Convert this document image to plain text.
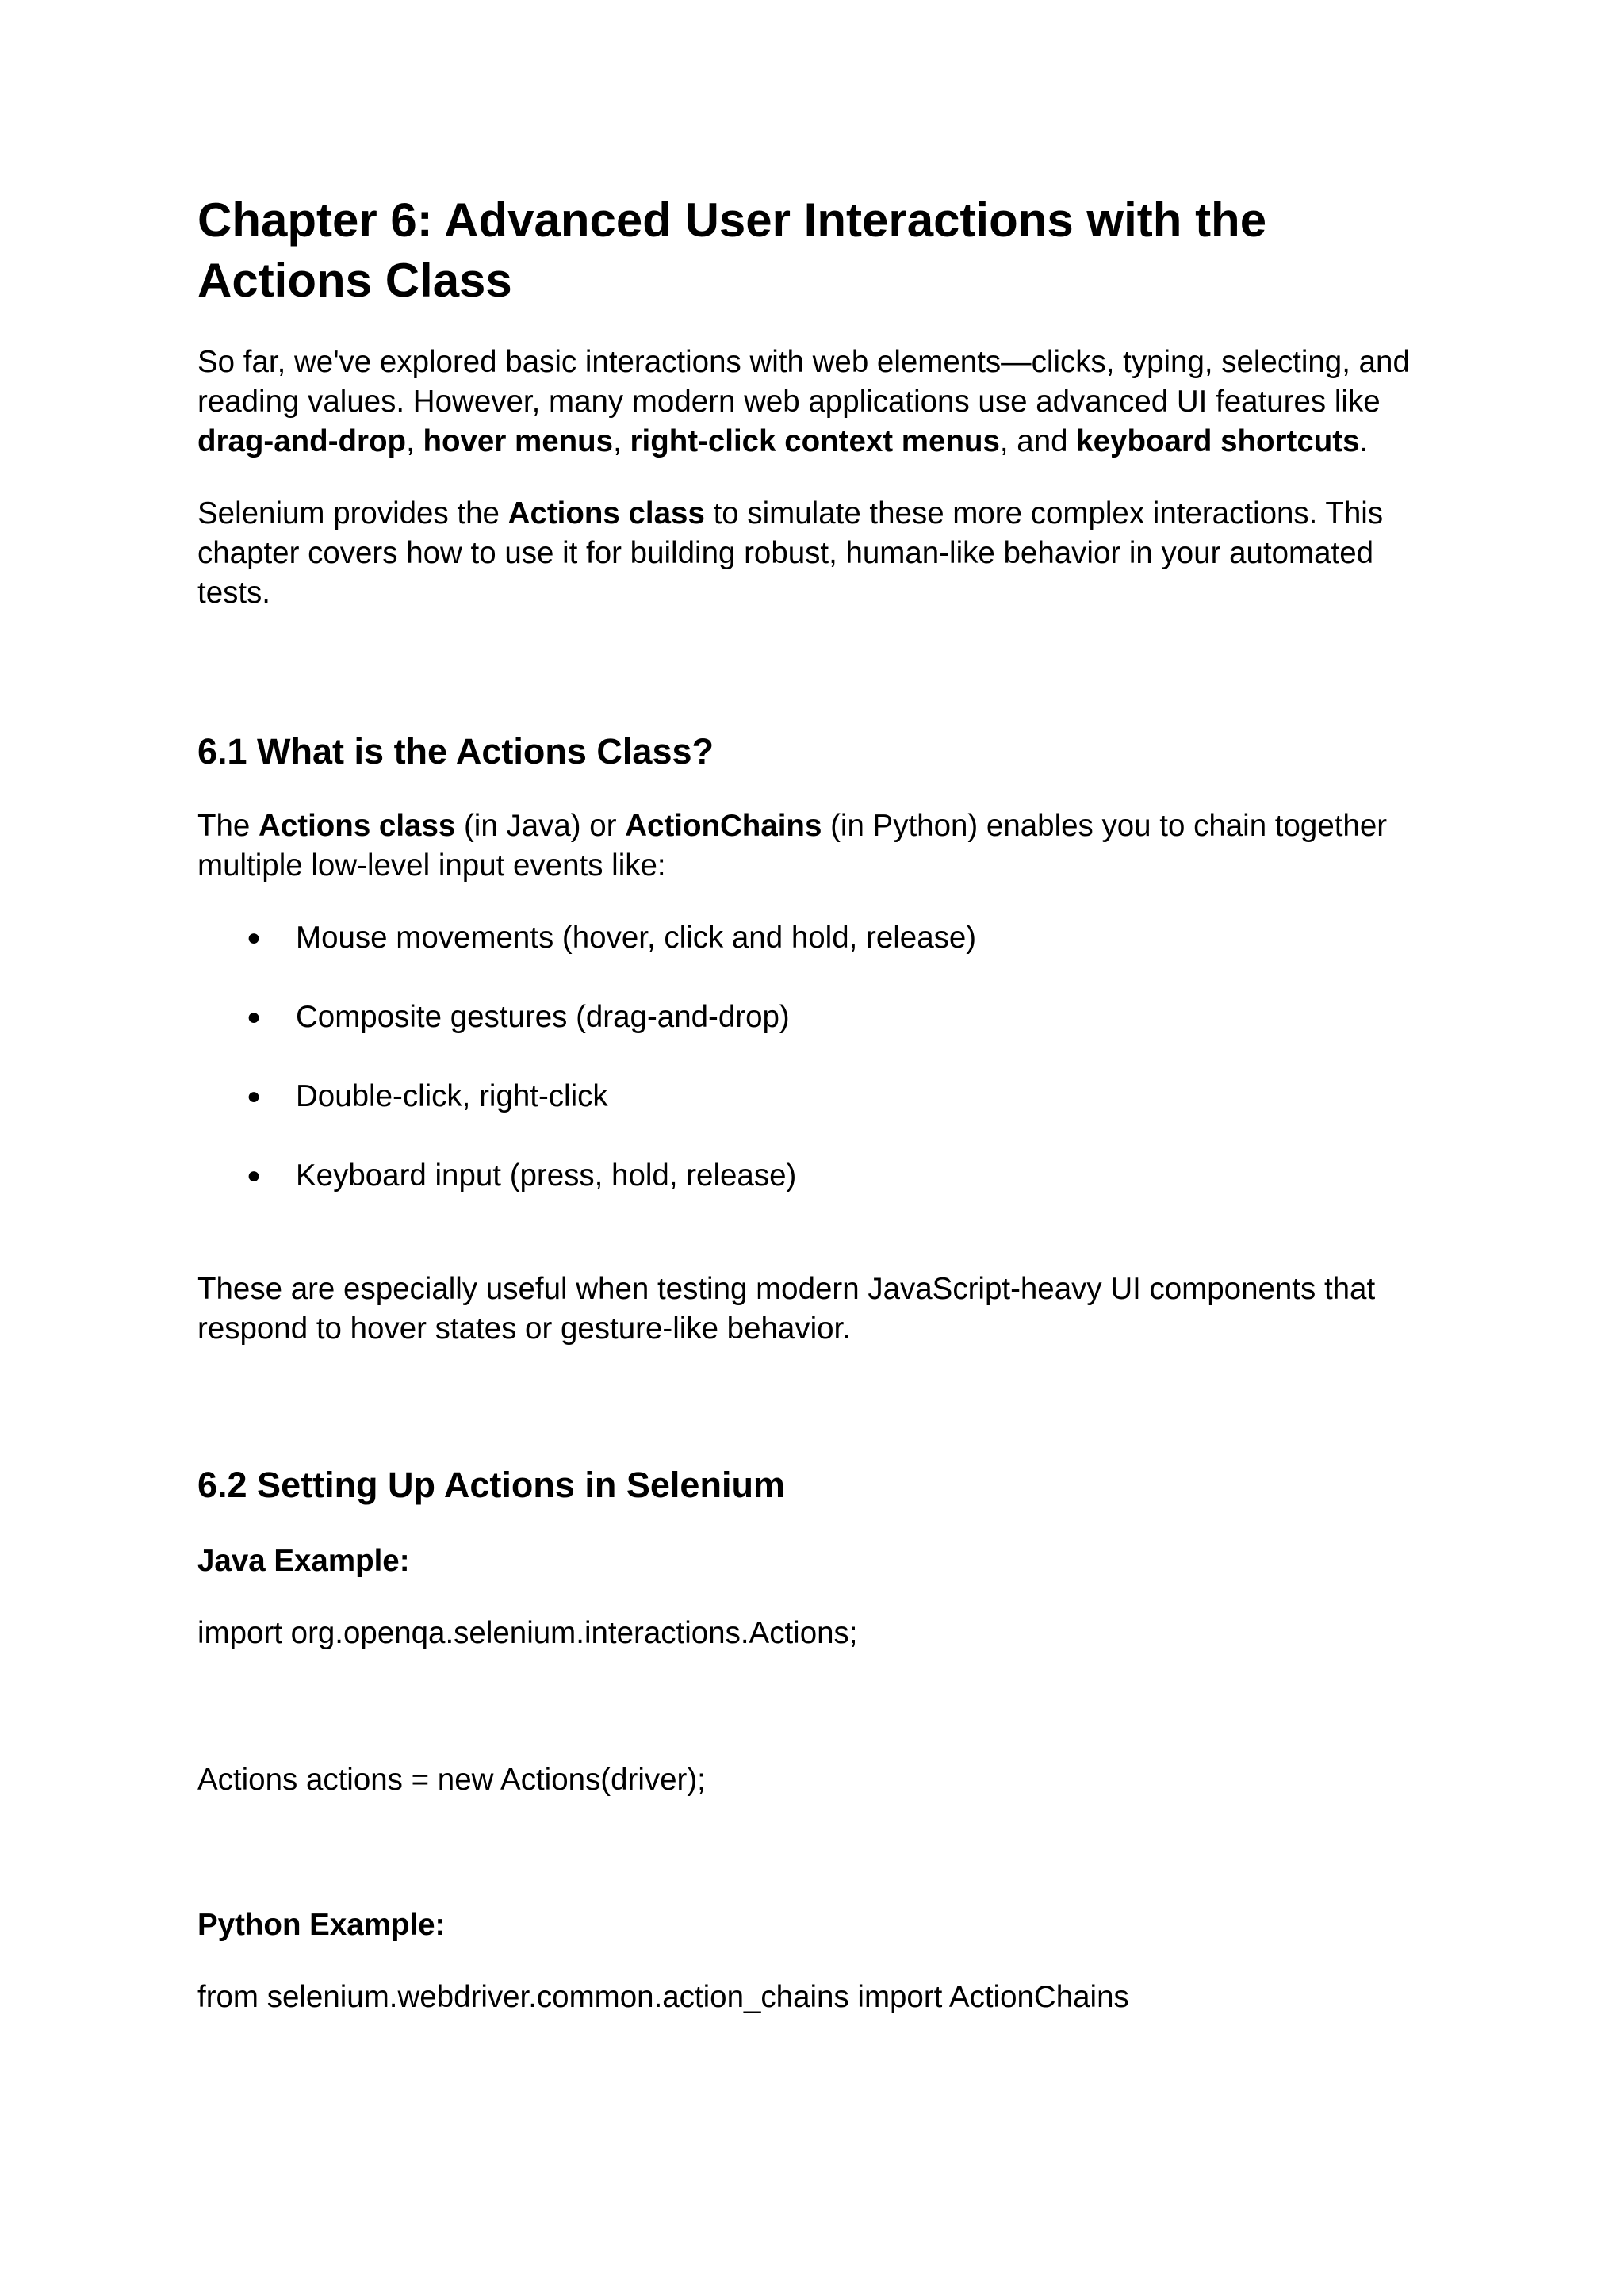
Chapter 6: Advanced User Interactions with the Actions Class

So far, we've explored basic interactions with web elements—clicks, typing, selecting, and reading values. However, many modern web applications use advanced UI features like drag-and-drop, hover menus, right-click context menus, and keyboard shortcuts.

Selenium provides the Actions class to simulate these more complex interactions. This chapter covers how to use it for building robust, human-like behavior in your automated tests.

6.1 What is the Actions Class?

The Actions class (in Java) or ActionChains (in Python) enables you to chain together multiple low-level input events like:

● Mouse movements (hover, click and hold, release)
● Composite gestures (drag-and-drop)
● Double-click, right-click
● Keyboard input (press, hold, release)

These are especially useful when testing modern JavaScript-heavy UI components that respond to hover states or gesture-like behavior.

6.2 Setting Up Actions in Selenium

Java Example:

import org.openqa.selenium.interactions.Actions;

Actions actions = new Actions(driver);

Python Example:

from selenium.webdriver.common.action_chains import ActionChains
